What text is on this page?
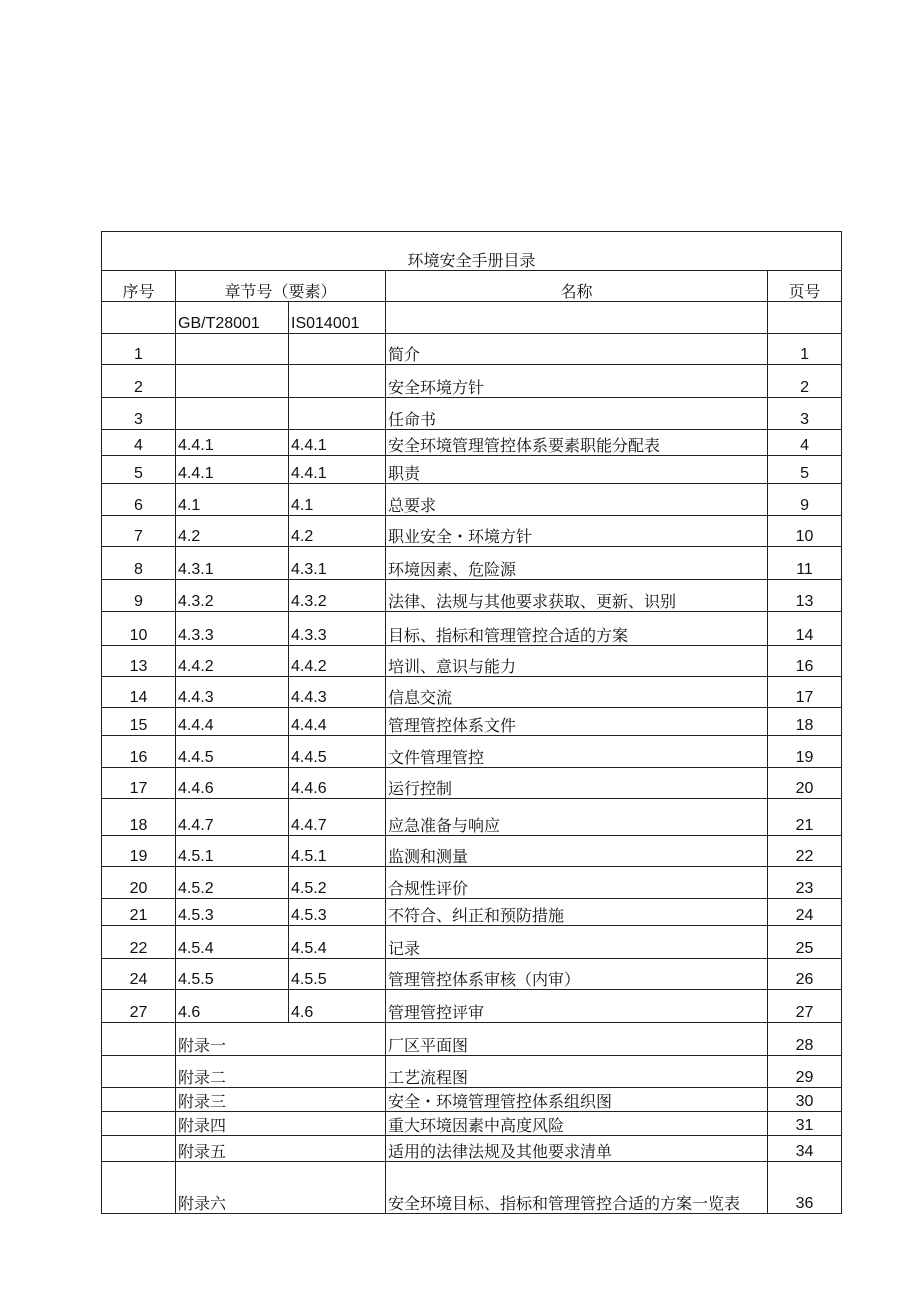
环境安全手册目录				
序号	章节号（要素）		名称	页号
	GB/T28001	IS014001		
1			简介	1
2			安全环境方针	2
3			任命书	3
4	4.4.1	4.4.1	安全环境管理管控体系要素职能分配表	4
5	4.4.1	4.4.1	职责	5
6	4.1	4.1	总要求	9
7	4.2	4.2	职业安全・环境方针	10
8	4.3.1	4.3.1	环境因素、危险源	11
9	4.3.2	4.3.2	法律、法规与其他要求获取、更新、识别	13
10	4.3.3	4.3.3	目标、指标和管理管控合适的方案	14
13	4.4.2	4.4.2	培训、意识与能力	16
14	4.4.3	4.4.3	信息交流	17
15	4.4.4	4.4.4	管理管控体系文件	18
16	4.4.5	4.4.5	文件管理管控	19
17	4.4.6	4.4.6	运行控制	20
18	4.4.7	4.4.7	应急准备与响应	21
19	4.5.1	4.5.1	监测和测量	22
20	4.5.2	4.5.2	合规性评价	23
21	4.5.3	4.5.3	不符合、纠正和预防措施	24
22	4.5.4	4.5.4	记录	25
24	4.5.5	4.5.5	管理管控体系审核（内审）	26
27	4.6	4.6	管理管控评审	27
	附录一		厂区平面图	28
	附录二		工艺流程图	29
	附录三		安全・环境管理管控体系组织图	30
	附录四		重大环境因素中高度风险	31
	附录五		适用的法律法规及其他要求清单	34
	附录六		安全环境目标、指标和管理管控合适的方案一览表	36
